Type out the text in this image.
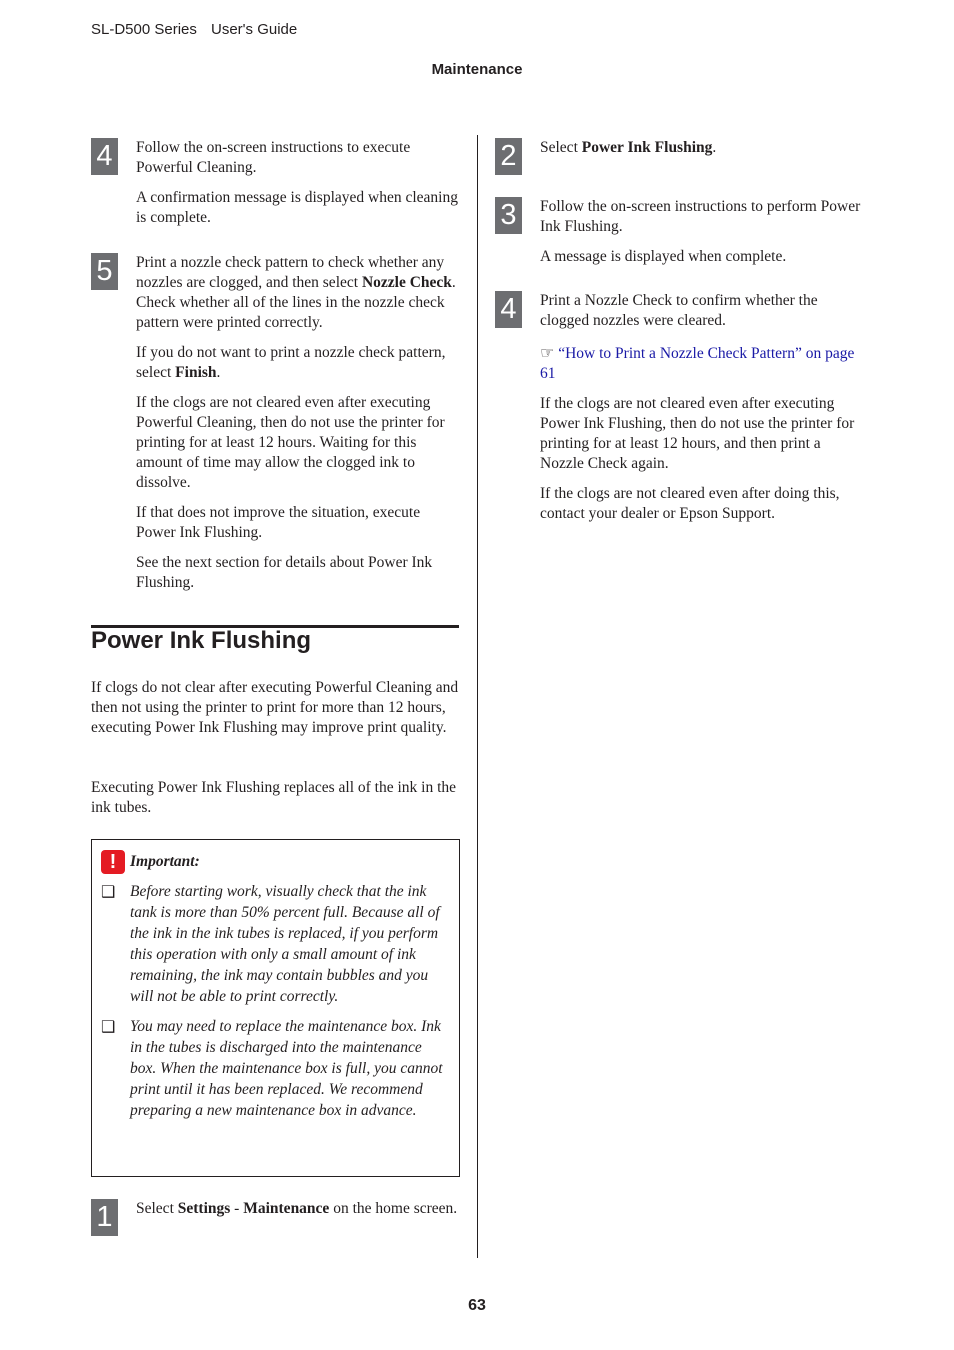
SL-D500 Series User's Guide
Maintenance
4	Follow the on-screen instructions to execute Powerful Cleaning.

A confirmation message is displayed when cleaning is complete.

5	Print a nozzle check pattern to check whether any nozzles are clogged, and then select Nozzle Check. Check whether all of the lines in the nozzle check pattern were printed correctly.

If you do not want to print a nozzle check pattern, select Finish.

If the clogs are not cleared even after executing Powerful Cleaning, then do not use the printer for printing for at least 12 hours. Waiting for this amount of time may allow the clogged ink to dissolve.

If that does not improve the situation, execute Power Ink Flushing.

See the next section for details about Power Ink Flushing.

Power Ink Flushing

If clogs do not clear after executing Powerful Cleaning and then not using the printer to print for more than 12 hours, executing Power Ink Flushing may improve print quality.

Executing Power Ink Flushing replaces all of the ink in the ink tubes.

! Important:
❑ Before starting work, visually check that the ink tank is more than 50% percent full. Because all of the ink in the ink tubes is replaced, if you perform this operation with only a small amount of ink remaining, the ink may contain bubbles and you will not be able to print correctly.
❑ You may need to replace the maintenance box. Ink in the tubes is discharged into the maintenance box. When the maintenance box is full, you cannot print until it has been replaced. We recommend preparing a new maintenance box in advance.
1	Select Settings - Maintenance on the home screen.

2	Select Power Ink Flushing.

3	Follow the on-screen instructions to perform Power Ink Flushing.

A message is displayed when complete.

4	Print a Nozzle Check to confirm whether the clogged nozzles were cleared.

☞ “How to Print a Nozzle Check Pattern” on page 61

If the clogs are not cleared even after executing Power Ink Flushing, then do not use the printer for printing for at least 12 hours, and then print a Nozzle Check again.

If the clogs are not cleared even after doing this, contact your dealer or Epson Support.

63
